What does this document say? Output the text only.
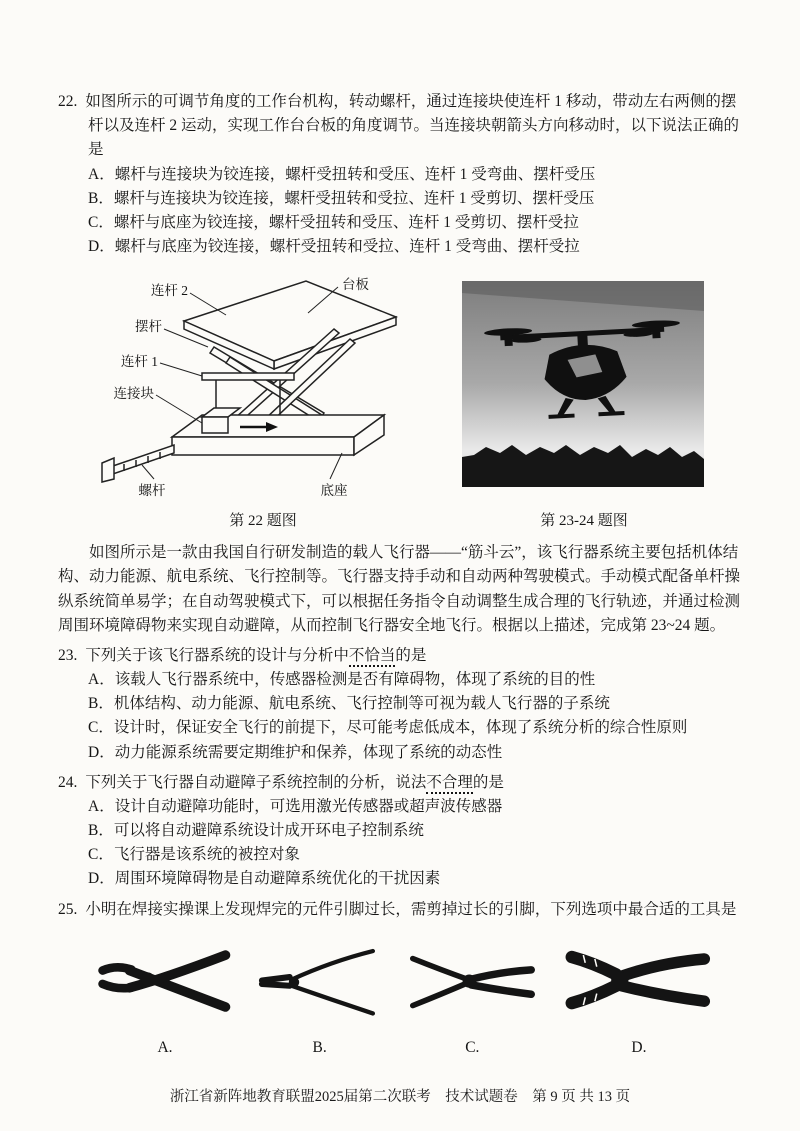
22. 如图所示的可调节角度的工作台机构，转动螺杆，通过连接块使连杆 1 移动，带动左右两侧的摆杆以及连杆 2 运动，实现工作台台板的角度调节。当连接块朝箭头方向移动时，以下说法正确的是

A．螺杆与连接块为铰连接，螺杆受扭转和受压、连杆 1 受弯曲、摆杆受压
B．螺杆与连接块为铰连接，螺杆受扭转和受拉、连杆 1 受剪切、摆杆受压
C．螺杆与底座为铰连接，螺杆受扭转和受压、连杆 1 受剪切、摆杆受拉
D．螺杆与底座为铰连接，螺杆受扭转和受拉、连杆 1 受弯曲、摆杆受拉
台板
连杆 2
摆杆
连杆 1
连接块
螺杆	底座
第 22 题图	第 23-24 题图

如图所示是一款由我国自行研发制造的载人飞行器——“筋斗云”，该飞行器系统主要包括机体结构、动力能源、航电系统、飞行控制等。飞行器支持手动和自动两种驾驶模式。手动模式配备单杆操纵系统简单易学；在自动驾驶模式下，可以根据任务指令自动调整生成合理的飞行轨迹，并通过检测周围环境障碍物来实现自动避障，从而控制飞行器安全地飞行。根据以上描述，完成第 23~24 题。

23. 下列关于该飞行器系统的设计与分析中不恰当的是

A．该载人飞行器系统中，传感器检测是否有障碍物，体现了系统的目的性
B．机体结构、动力能源、航电系统、飞行控制等可视为载人飞行器的子系统
C．设计时，保证安全飞行的前提下，尽可能考虑低成本，体现了系统分析的综合性原则
D．动力能源系统需要定期维护和保养，体现了系统的动态性

24. 下列关于飞行器自动避障子系统控制的分析，说法不合理的是

A．设计自动避障功能时，可选用激光传感器或超声波传感器
B．可以将自动避障系统设计成开环电子控制系统
C．飞行器是该系统的被控对象
D．周围环境障碍物是自动避障系统优化的干扰因素

25. 小明在焊接实操课上发现焊完的元件引脚过长，需剪掉过长的引脚，下列选项中最合适的工具是

A.	B.	C.	D.
浙江省新阵地教育联盟2025届第二次联考　技术试题卷　第 9 页 共 13 页
